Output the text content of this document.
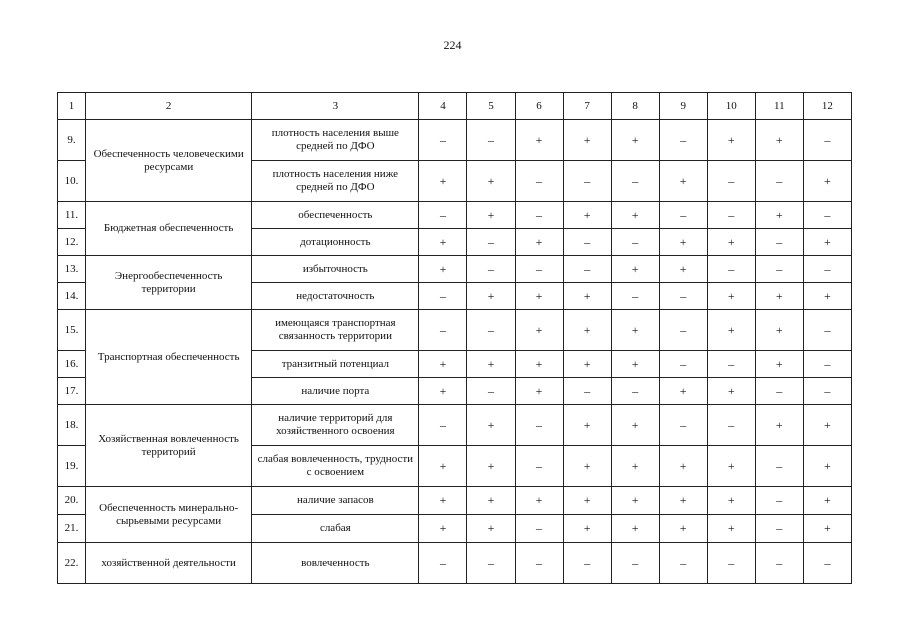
224
1	2	3	4	5	6	7	8	9	10	11	12
9.	Обеспеченность человеческими ресурсами	плотность населения выше средней по ДФО	–	–	+	+	+	–	+	+	–
10.		плотность населения ниже средней по ДФО	+	+	–	–	–	+	–	–	+
11.	Бюджетная обеспеченность	обеспеченность	–	+	–	+	+	–	–	+	–
12.		дотационность	+	–	+	–	–	+	+	–	+
13.	Энергообеспеченность территории	избыточность	+	–	–	–	+	+	–	–	–
14.		недостаточность	–	+	+	+	–	–	+	+	+
15.	Транспортная обеспеченность	имеющаяся транспортная связанность территории	–	–	+	+	+	–	+	+	–
16.		транзитный потенциал	+	+	+	+	+	–	–	+	–
17.		наличие порта	+	–	+	–	–	+	+	–	–
18.	Хозяйственная вовлеченность территорий	наличие территорий для хозяйственного освоения	–	+	–	+	+	–	–	+	+
19.		слабая вовлеченность, трудности с освоением	+	+	–	+	+	+	+	–	+
20.	Обеспеченность минерально-сырьевыми ресурсами	наличие запасов	+	+	+	+	+	+	+	–	+
21.		слабая	+	+	–	+	+	+	+	–	+
22.	хозяйственной деятельности	вовлеченность	–	–	–	–	–	–	–	–	–
